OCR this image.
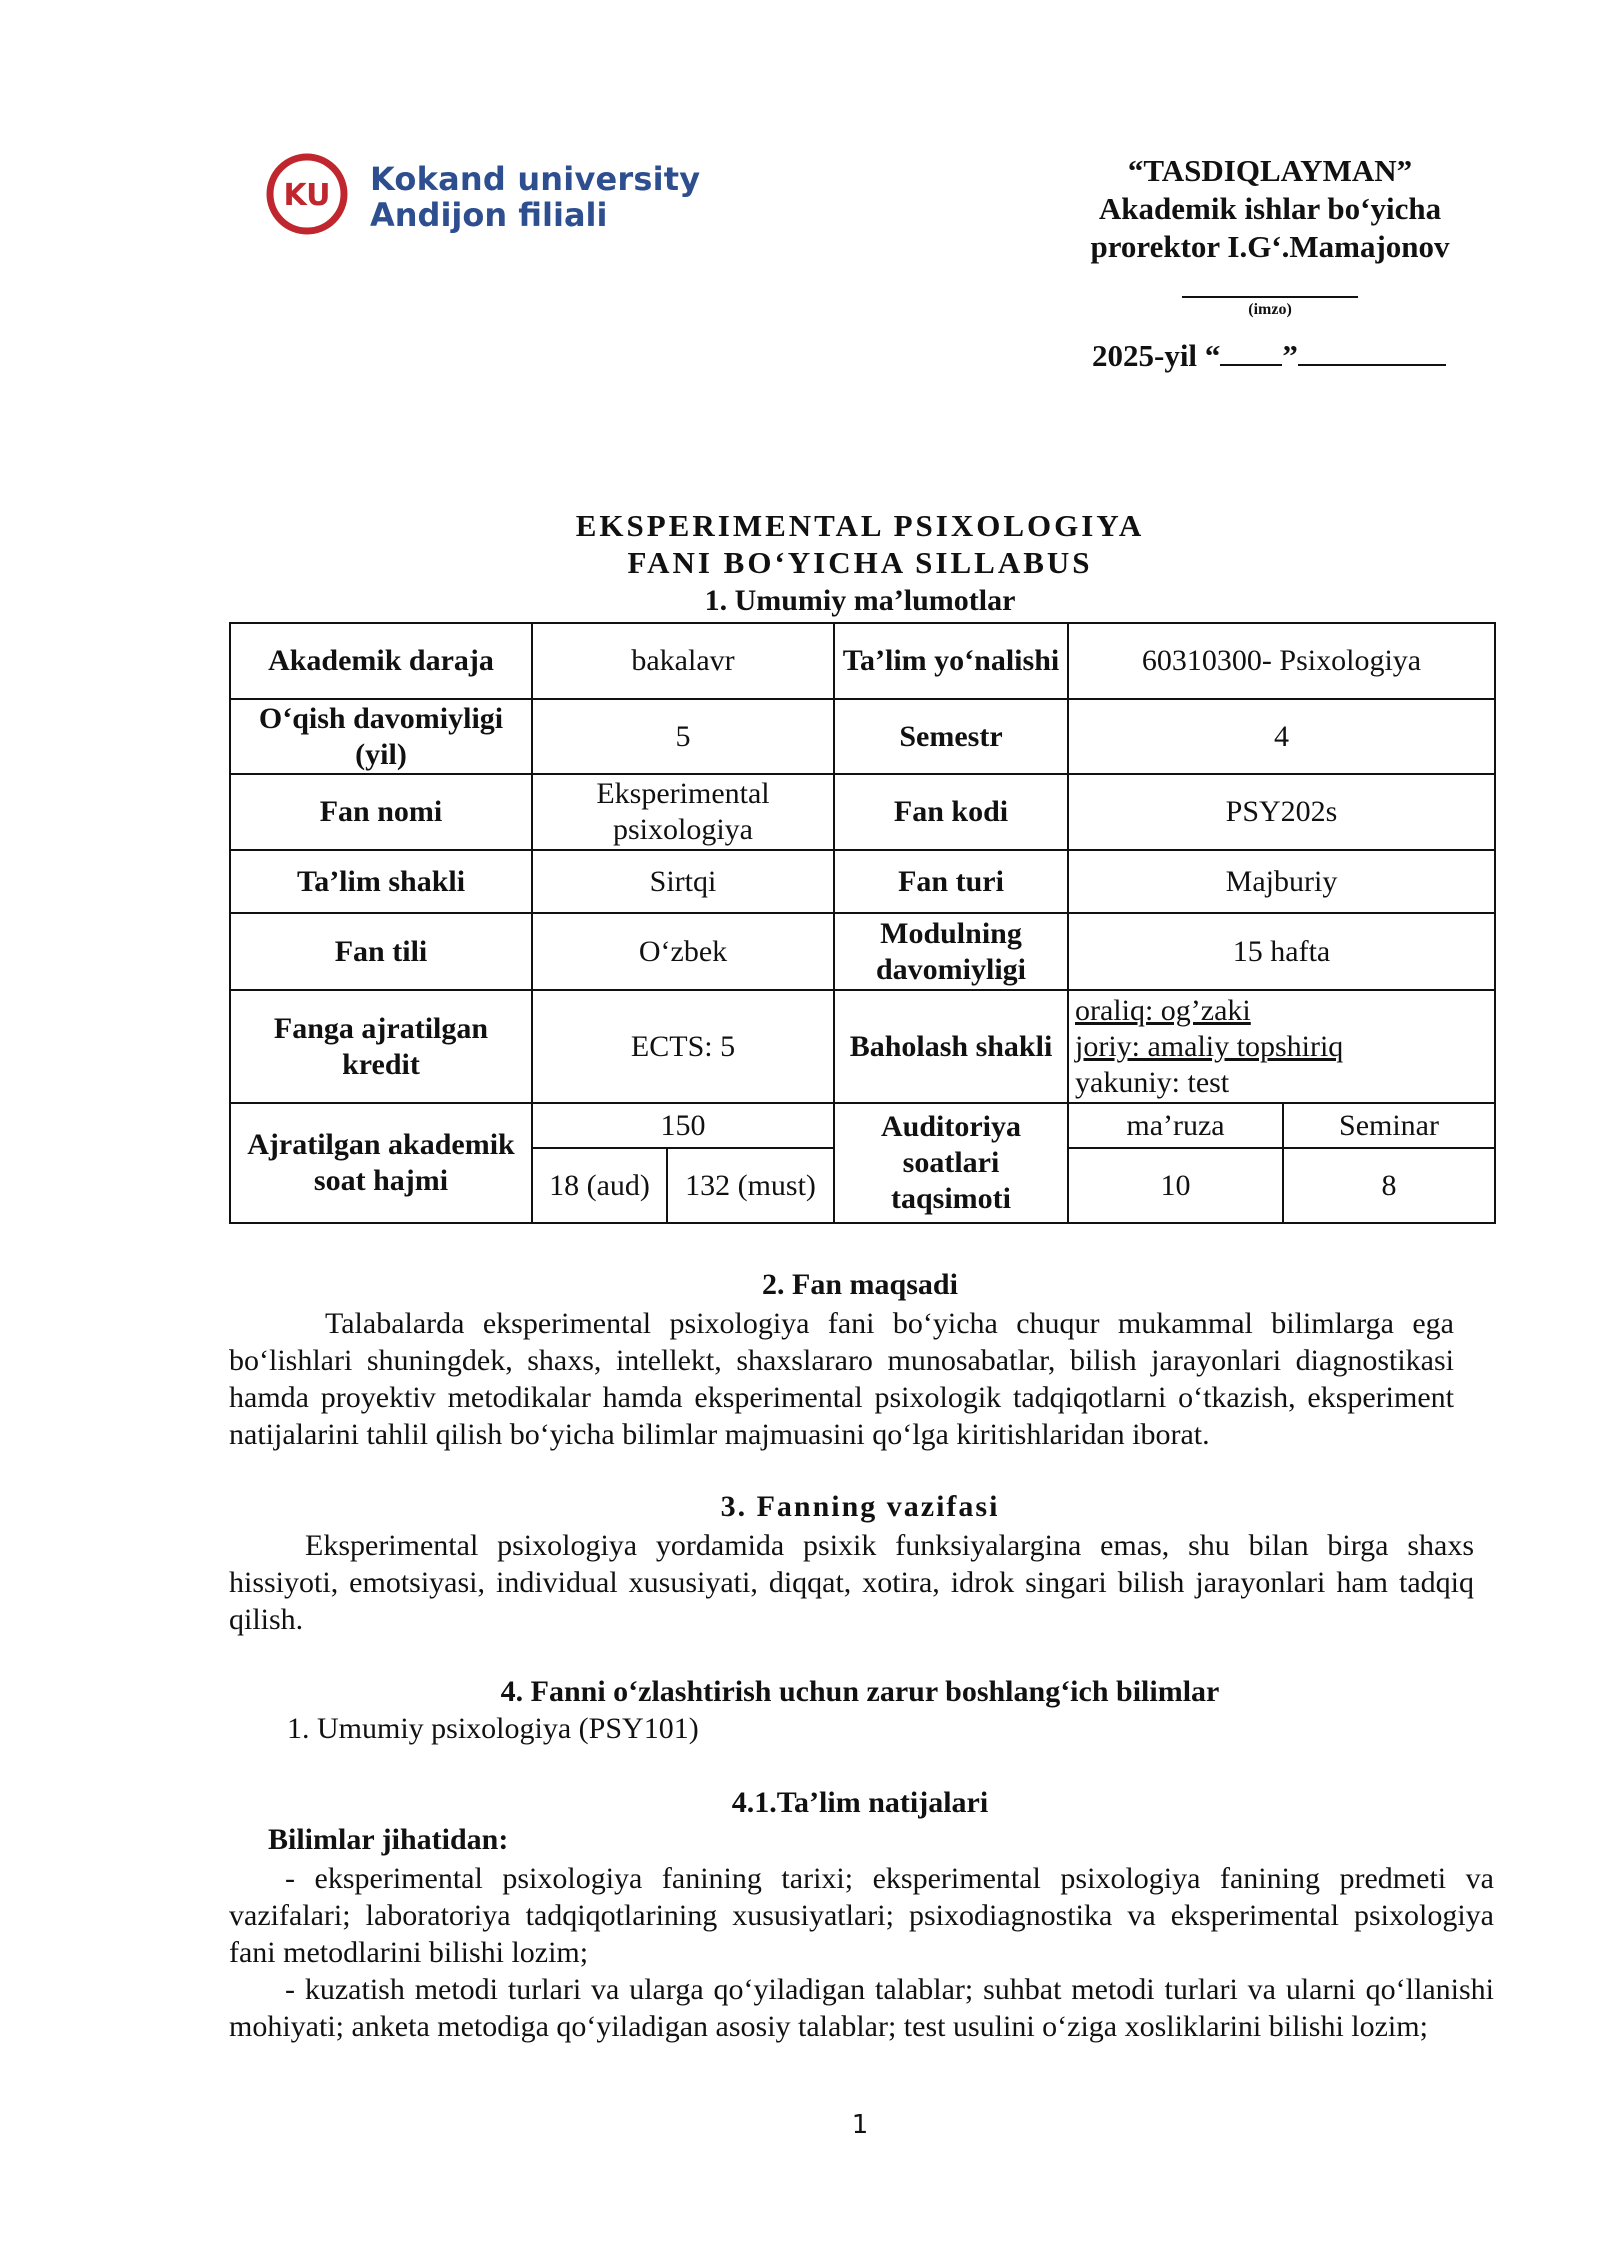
KU Kokand university
Andijon filiali
“TASDIQLAYMAN”
Akademik ishlar bo‘yicha
prorektor I.G‘.Mamajonov
(imzo)
2025-yil “ ”
EKSPERIMENTAL PSIXOLOGIYA
FANI BO‘YICHA SILLABUS
1. Umumiy ma’lumotlar
Akademik daraja	bakalavr		Ta’lim yo‘nalishi	60310300- Psixologiya	
O‘qish davomiyligi (yil)	5		Semestr	4	
Fan nomi	Eksperimental psixologiya		Fan kodi	PSY202s	
Ta’lim shakli	Sirtqi		Fan turi	Majburiy	
Fan tili	O‘zbek		Modulning davomiyligi	15 hafta	
Fanga ajratilgan kredit	ECTS: 5		Baholash shakli	oraliq: og’zaki
joriy: amaliy topshiriq
yakuniy: test	

Ajratilgan akademik soat hajmi	150		Auditoriya soatlari taqsimoti	ma’ruza	Seminar
	18 (aud)	132 (must)		10	8
2. Fan maqsadi
Talabalarda eksperimental psixologiya fani bo‘yicha chuqur mukammal bilimlarga ega bo‘lishlari shuningdek, shaxs, intellekt, shaxslararo munosabatlar, bilish jarayonlari diagnostikasi hamda proyektiv metodikalar hamda eksperimental psixologik tadqiqotlarni o‘tkazish, eksperiment natijalarini tahlil qilish bo‘yicha bilimlar majmuasini qo‘lga kiritishlaridan iborat.
3. Fanning vazifasi
Eksperimental psixologiya yordamida psixik funksiyalargina emas, shu bilan birga shaxs hissiyoti, emotsiyasi, individual xususiyati, diqqat, xotira, idrok singari bilish jarayonlari ham tadqiq qilish.
4. Fanni o‘zlashtirish uchun zarur boshlang‘ich bilimlar
1. Umumiy psixologiya (PSY101)
4.1.Ta’lim natijalari
Bilimlar jihatidan:
- eksperimental psixologiya fanining tarixi; eksperimental psixologiya fanining predmeti va vazifalari; laboratoriya tadqiqotlarining xususiyatlari; psixodiagnostika va eksperimental psixologiya fani metodlarini bilishi lozim;
- kuzatish metodi turlari va ularga qo‘yiladigan talablar; suhbat metodi turlari va ularni qo‘llanishi mohiyati; anketa metodiga qo‘yiladigan asosiy talablar; test usulini o‘ziga xosliklarini bilishi lozim;
1
